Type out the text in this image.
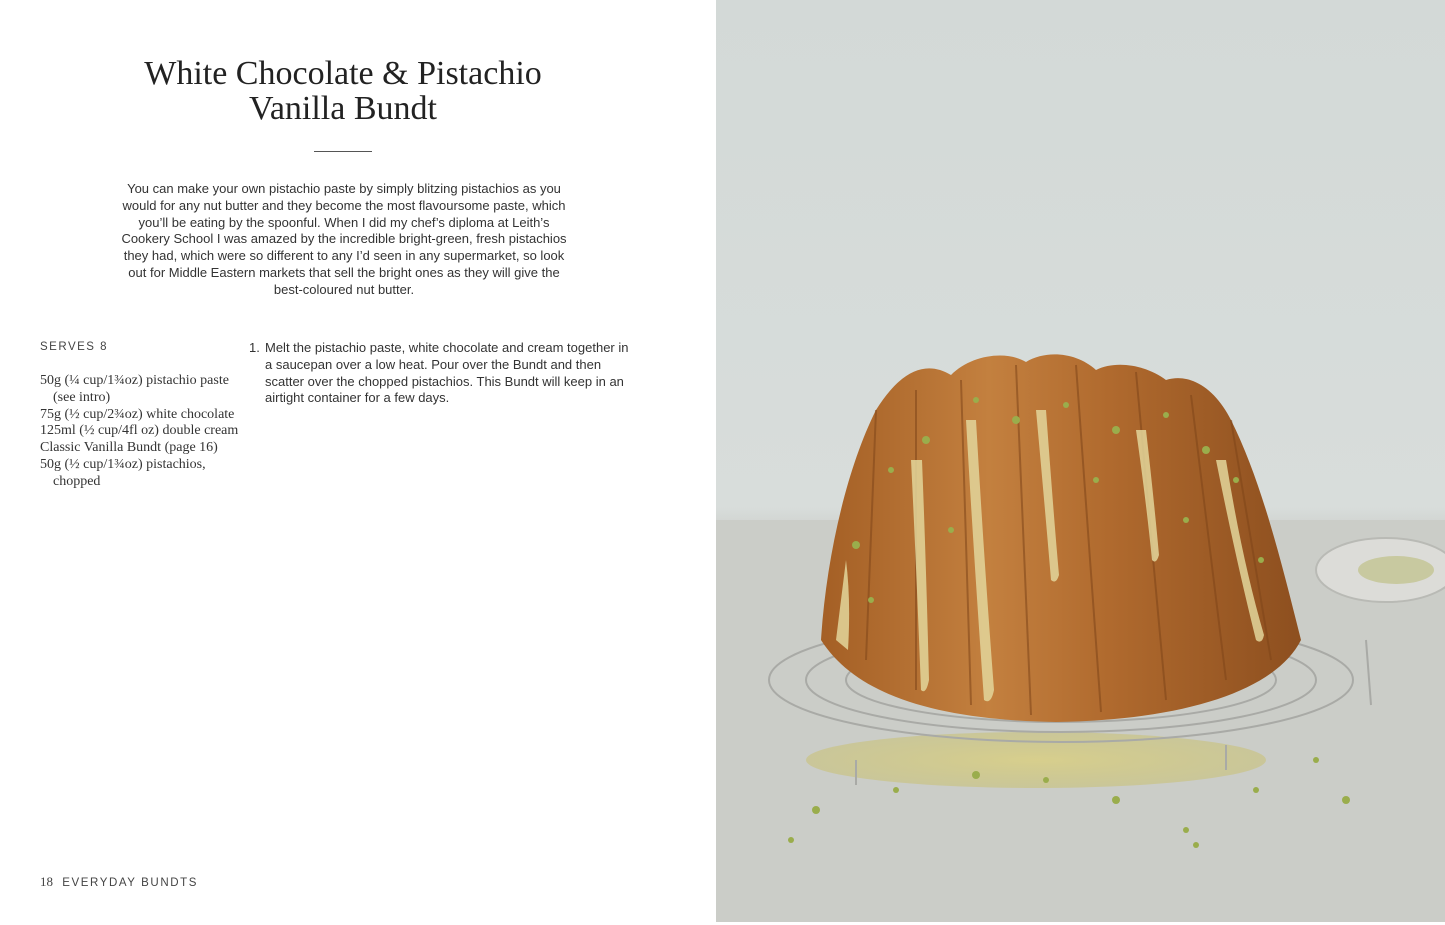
White Chocolate & Pistachio
Vanilla Bundt

You can make your own pistachio paste by simply blitzing pistachios as you would for any nut butter and they become the most flavoursome paste, which you’ll be eating by the spoonful. When I did my chef’s diploma at Leith’s Cookery School I was amazed by the incredible bright-green, fresh pistachios they had, which were so different to any I’d seen in any supermarket, so look out for Middle Eastern markets that sell the bright ones as they will give the best-coloured nut butter.

SERVES 8
50g (¼ cup/1¾oz) pistachio paste (see intro)
75g (½ cup/2¾oz) white chocolate
125ml (½ cup/4fl oz) double cream
Classic Vanilla Bundt (page 16)
50g (½ cup/1¾oz) pistachios, chopped
1. Melt the pistachio paste, white chocolate and cream together in a saucepan over a low heat. Pour over the Bundt and then scatter over the chopped pistachios. This Bundt will keep in an airtight container for a few days.
18 EVERYDAY BUNDTS
